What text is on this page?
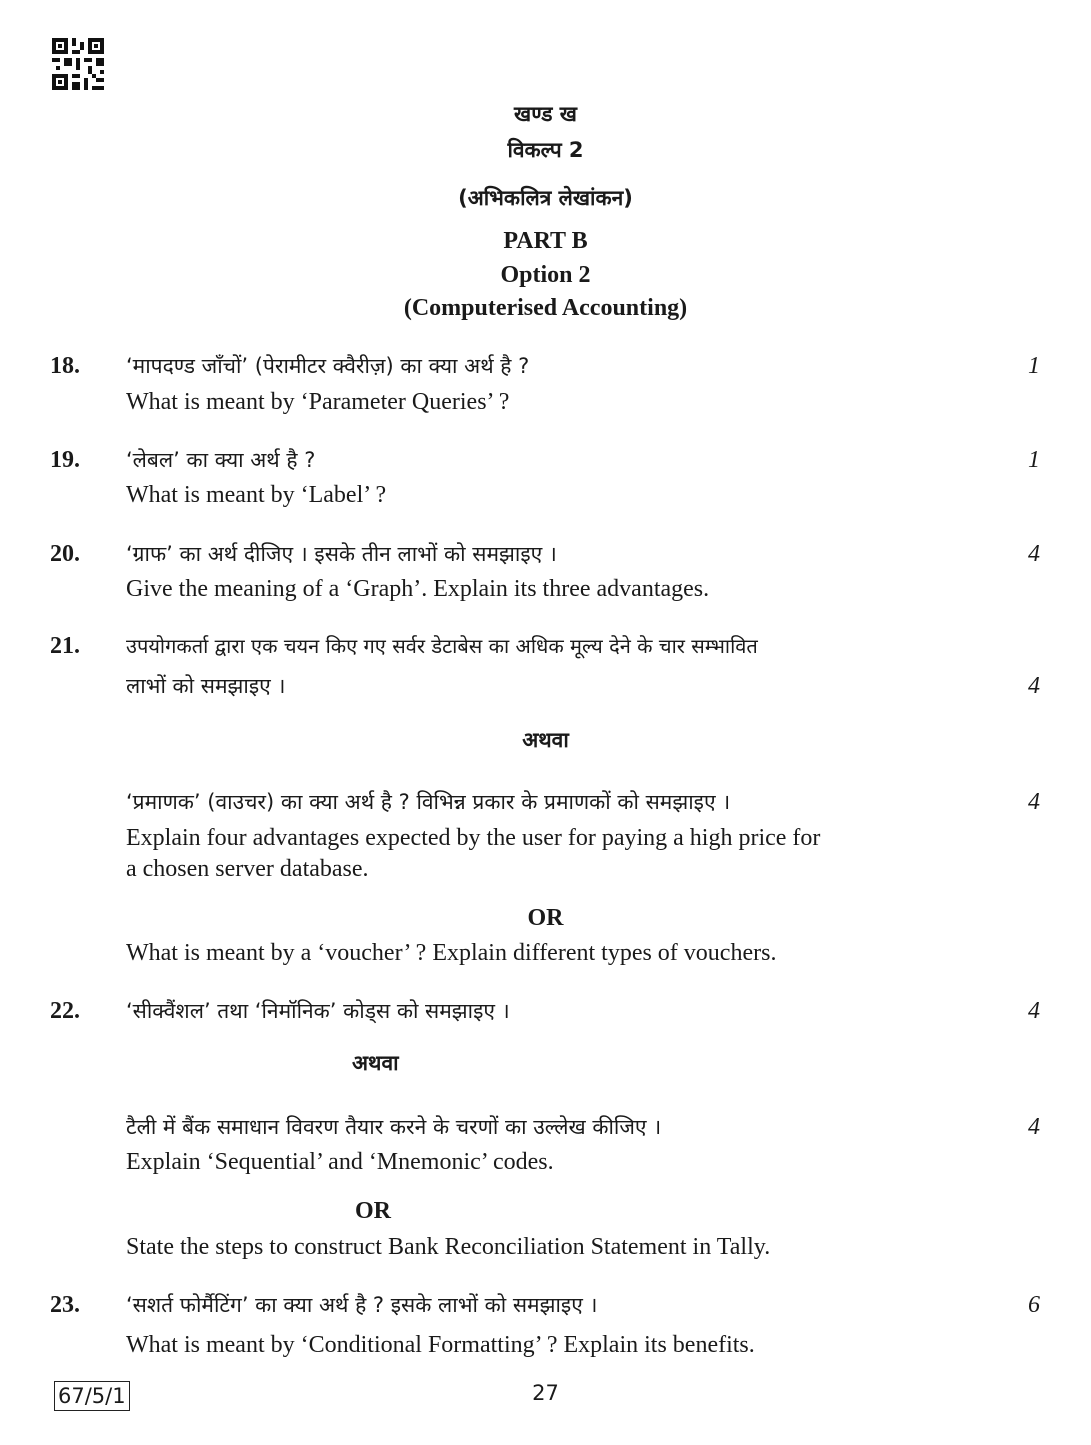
खण्ड ख
विकल्प 2
(अभिकलित्र लेखांकन)
PART B
Option 2
(Computerised Accounting)
18. ‘मापदण्ड जाँचों’ (पेरामीटर क्वैरीज़) का क्या अर्थ है ?	1
What is meant by ‘Parameter Queries’ ?
19. ‘लेबल’ का क्या अर्थ है ?	1
What is meant by ‘Label’ ?
20. ‘ग्राफ’ का अर्थ दीजिए । इसके तीन लाभों को समझाइए ।	4
Give the meaning of a ‘Graph’. Explain its three advantages.
21. उपयोगकर्ता द्वारा एक चयन किए गए सर्वर डेटाबेस का अधिक मूल्य देने के चार सम्भावित
लाभों को समझाइए ।	4
अथवा
‘प्रमाणक’ (वाउचर) का क्या अर्थ है ? विभिन्न प्रकार के प्रमाणकों को समझाइए ।	4
Explain four advantages expected by the user for paying a high price for
a chosen server database.
OR
What is meant by a ‘voucher’ ? Explain different types of vouchers.
22. ‘सीक्वैंशल’ तथा ‘निमॉनिक’ कोड्स को समझाइए ।	4
अथवा
टैली में बैंक समाधान विवरण तैयार करने के चरणों का उल्लेख कीजिए ।	4
Explain ‘Sequential’ and ‘Mnemonic’ codes.
OR
State the steps to construct Bank Reconciliation Statement in Tally.
23. ‘सशर्त फोर्मैटिंग’ का क्या अर्थ है ? इसके लाभों को समझाइए ।	6
What is meant by ‘Conditional Formatting’ ? Explain its benefits.
67/5/1	27
